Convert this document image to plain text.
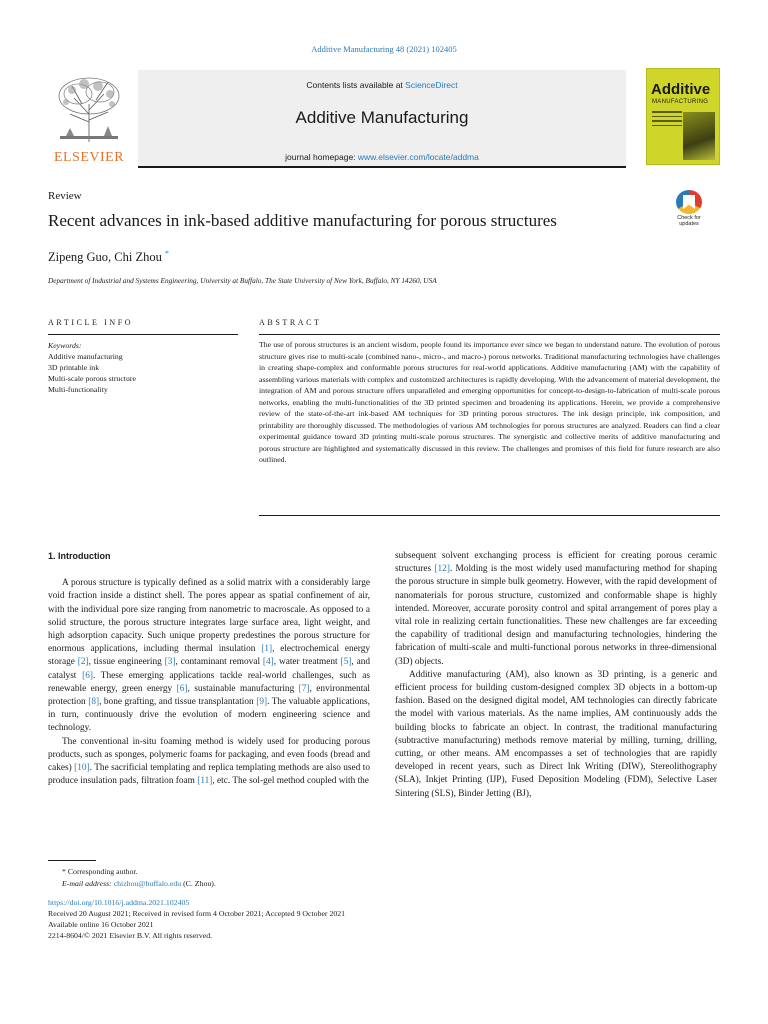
Additive Manufacturing 48 (2021) 102405
ELSEVIER
Contents lists available at ScienceDirect
Additive Manufacturing
journal homepage: www.elsevier.com/locate/addma
Additive
MANUFACTURING
Review
Recent advances in ink-based additive manufacturing for porous structures	Check for
updates
Zipeng Guo, Chi Zhou *
Department of Industrial and Systems Engineering, University at Buffalo, The State University of New York, Buffalo, NY 14260, USA
ARTICLE INFO	ABSTRACT
Keywords:
Additive manufacturing
3D printable ink
Multi-scale porous structure
Multi-functionality
The use of porous structures is an ancient wisdom, people found its importance ever since we began to understand nature. The evolution of porous structure gives rise to multi-scale (combined nano-, micro-, and macro-) porous networks. Traditional manufacturing technologies have challenges in creating shape-complex and conformable porous structures for real-world applications. Additive manufacturing (AM) with the capability of assembling various materials with complex and customized architectures is rapidly developing. With the advancement of material development, the integration of AM and porous structure offers unparalleled and emerging opportunities for concept-to-design-to-fabrication of multi-scale porous networks, enabling the multi-functionalities of the 3D printed specimen and broadening its applications. Herein, we provide a comprehensive review of the state-of-the-art ink-based AM techniques for 3D printing porous structures. The ink design principle, ink composition, and printability are thoroughly discussed. The methodologies of various AM technologies for porous structures are analyzed. Readers can find a clear experimental guidance toward 3D printing multi-scale porous structures. The synergistic and collective merits of additive manufacturing and porous structure are highlighted and systematically discussed in this review. The challenges and promises of this field for future research are also outlined.
1. Introduction

A porous structure is typically defined as a solid matrix with a considerably large void fraction inside a distinct shell. The pores appear as spatial confinement of air, with the individual pore size ranging from nanometric to macroscale. As opposed to a solid structure, the porous structure integrates large surface area, light weight, and high adsorption capacity. Such unique property predestines the porous structure for enormous applications, including thermal insulation [1], electrochemical energy storage [2], tissue engineering [3], contaminant removal [4], water treatment [5], and catalyst [6]. These emerging applications tackle real-world challenges, such as renewable energy, green energy [6], sustainable manufacturing [7], environmental protection [8], bone grafting, and tissue transplantation [9]. The valuable applications, in turn, continuously drive the evolution of modern engineering science and technology.

The conventional in-situ foaming method is widely used for producing porous products, such as sponges, polymeric foams for packaging, and even foods (bread and cakes) [10]. The sacrificial templating and replica templating methods are also used to produce insulation pads, filtration foam [11], etc. The sol-gel method coupled with the

subsequent solvent exchanging process is efficient for creating porous ceramic structures [12]. Molding is the most widely used manufacturing method for shaping the porous structure in simple bulk geometry. However, with the rapid development of nanomaterials for porous structure, customized and conformable shape is highly intended. Moreover, accurate porosity control and spital arrangement of pores play a vital role in realizing certain functionalities. These new challenges are far exceeding the capability of traditional design and manufacturing technologies, hindering the fabrication of multi-scale and multi-functional porous networks in three-dimensional (3D) objects.

Additive manufacturing (AM), also known as 3D printing, is a generic and efficient process for building custom-designed complex 3D objects in a bottom-up fashion. Based on the designed digital model, AM technologies can directly fabricate the model with various materials. As the name implies, AM continuously adds the building blocks to fabricate an object. In contrast, the traditional manufacturing (subtractive manufacturing) methods remove material by milling, turning, drilling, cutting, or other means. AM encompasses a set of technologies that are rapidly developed in recent years, such as Direct Ink Writing (DIW), Stereolithography (SLA), Inkjet Printing (IJP), Fused Deposition Modeling (FDM), Selective Laser Sintering (SLS), Binder Jetting (BJ),

* Corresponding author.
E-mail address: chizhou@buffalo.edu (C. Zhou).
https://doi.org/10.1016/j.addma.2021.102405
Received 20 August 2021; Received in revised form 4 October 2021; Accepted 9 October 2021
Available online 16 October 2021
2214-8604/© 2021 Elsevier B.V. All rights reserved.
